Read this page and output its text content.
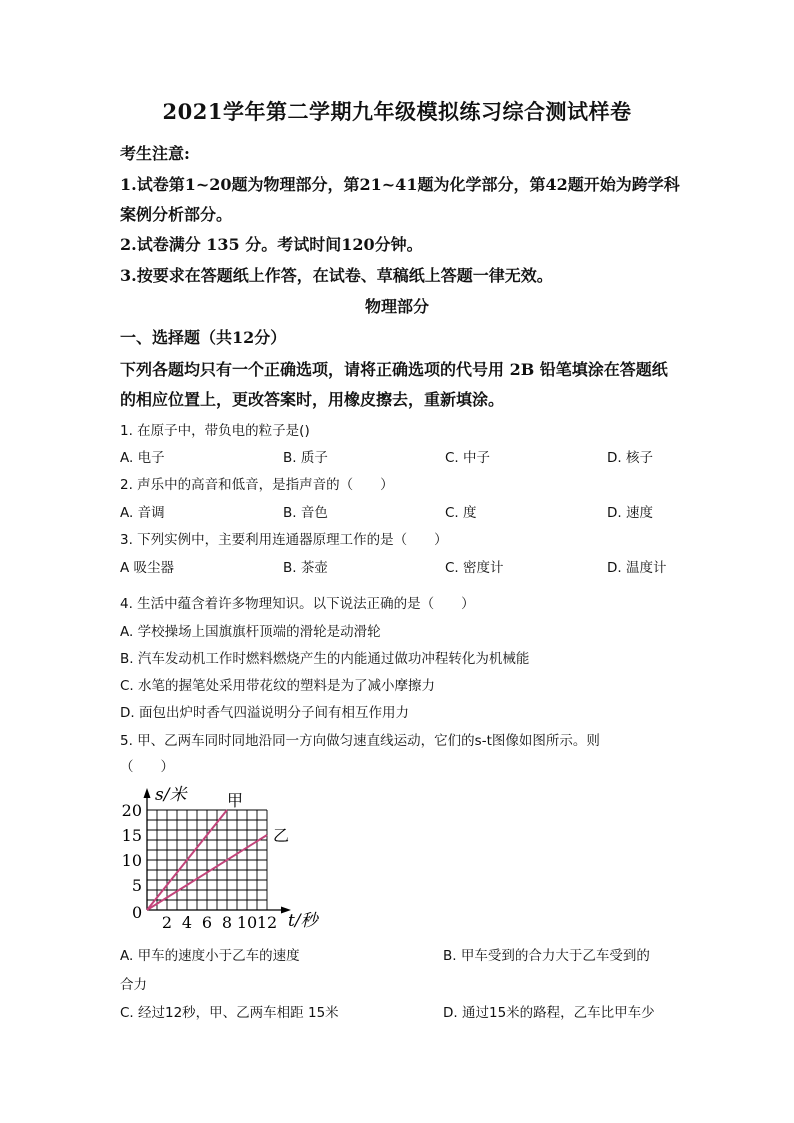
2021学年第二学期九年级模拟练习综合测试样卷
考生注意:
1.试卷第1~20题为物理部分，第21~41题为化学部分，第42题开始为跨学科
案例分析部分。
2.试卷满分 135 分。考试时间120分钟。
3.按要求在答题纸上作答，在试卷、草稿纸上答题一律无效。
物理部分
一、选择题（共12分）
下列各题均只有一个正确选项，请将正确选项的代号用 2B 铅笔填涂在答题纸
的相应位置上，更改答案时，用橡皮擦去，重新填涂。
1. 在原子中，带负电的粒子是()
A. 电子	B. 质子	C. 中子	D. 核子
2. 声乐中的高音和低音，是指声音的（　　）
A. 音调	B. 音色	C. 度	D. 速度
3. 下列实例中，主要利用连通器原理工作的是（　　）
A 吸尘器	B. 茶壶	C. 密度计	D. 温度计
4. 生活中蕴含着许多物理知识。以下说法正确的是（　　）
A. 学校操场上国旗旗杆顶端的滑轮是动滑轮
B. 汽车发动机工作时燃料燃烧产生的内能通过做功冲程转化为机械能
C. 水笔的握笔处采用带花纹的塑料是为了减小摩擦力
D. 面包出炉时香气四溢说明分子间有相互作用力
5. 甲、乙两车同时同地沿同一方向做匀速直线运动，它们的s-t图像如图所示。则
（　　）
s/米
t/秒
0
2 4 6 8 10 12
20
15
10
5
甲
乙
A. 甲车的速度小于乙车的速度	B. 甲车受到的合力大于乙车受到的
合力
C. 经过12秒，甲、乙两车相距 15米	D. 通过15米的路程，乙车比甲车少
